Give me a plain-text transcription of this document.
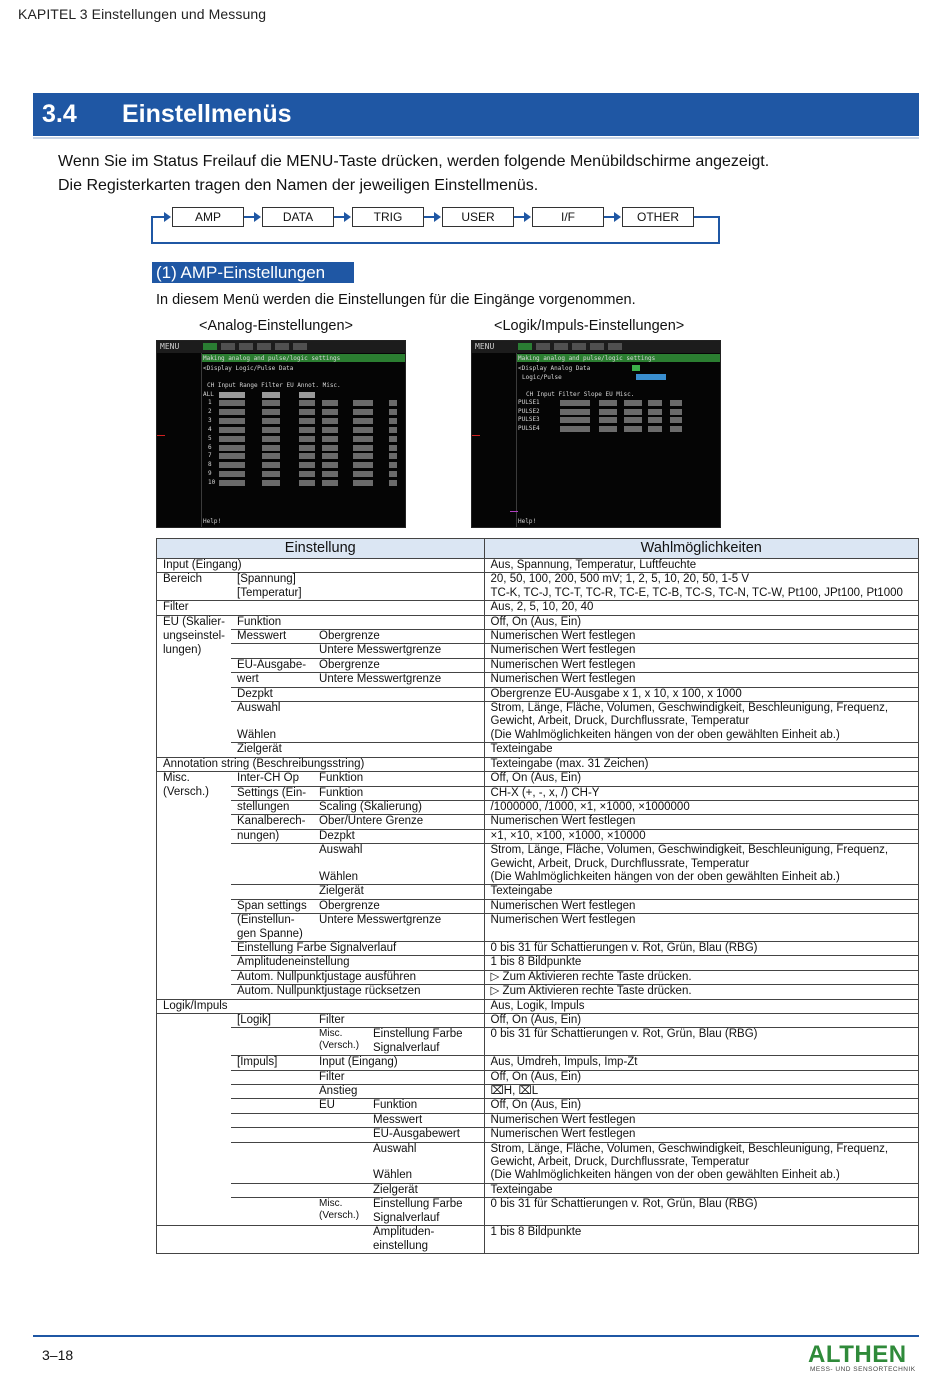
KAPITEL 3 Einstellungen und Messung
3.4 Einstellmenüs
Wenn Sie im Status Freilauf die MENU-Taste drücken, werden folgende Menübildschirme angezeigt.
Die Registerkarten tragen den Namen der jeweiligen Einstellmenüs.
AMP	DATA	TRIG	USER	I/F	OTHER
(1) AMP-Einstellungen
In diesem Menü werden die Einstellungen für die Eingänge vorgenommen.
<Analog-Einstellungen>	<Logik/Impuls-Einstellungen>
MENU
Making analog and pulse/logic settings
<Display Logic/Pulse Data
CH Input Range Filter EU Annot. Misc.
ALL
1
2
3
4
5
6
7
8
9
10
Help!
MENU
Making analog and pulse/logic settings
<Display Analog Data
Logic/Pulse
CH Input Filter Slope EU Misc.
PULSE1
PULSE2
PULSE3
PULSE4
Help!
Einstellung				Wahlmöglichkeiten
Input (Eingang)				Aus, Spannung, Temperatur, Luftfeuchte
Bereich	[Spannung]			20, 50, 100, 200, 500 mV; 1, 2, 5, 10, 20, 50, 1-5 V
	[Temperatur]			TC-K, TC-J, TC-T, TC-R, TC-E, TC-B, TC-S, TC-N, TC-W, Pt100, JPt100, Pt1000
Filter				Aus, 2, 5, 10, 20, 40
EU (Skalier-	Funktion			Off, On (Aus, Ein)
ungseinstel-	Messwert	Obergrenze		Numerischen Wert festlegen
lungen)		Untere Messwertgrenze		Numerischen Wert festlegen
	EU-Ausgabe-	Obergrenze		Numerischen Wert festlegen
	wert	Untere Messwertgrenze		Numerischen Wert festlegen
	Dezpkt			Obergrenze EU-Ausgabe x 1, x 10, x 100, x 1000
	Auswahl			Strom, Länge, Fläche, Volumen, Geschwindigkeit, Beschleunigung, Frequenz, Gewicht, Arbeit, Druck, Durchflussrate, Temperatur
	Wählen			(Die Wahlmöglichkeiten hängen von der oben gewählten Einheit ab.)
	Zielgerät			Texteingabe
Annotation string (Beschreibungsstring)				Texteingabe (max. 31 Zeichen)
Misc.	Inter-CH Op	Funktion		Off, On (Aus, Ein)
(Versch.)	Settings (Ein-	Funktion		CH-X (+, -, x, /) CH-Y
	stellungen	Scaling (Skalierung)		/1000000, /1000, ×1, ×1000, ×1000000
	Kanalberech-	Ober/Untere Grenze		Numerischen Wert festlegen
	nungen)	Dezpkt		×1, ×10, ×100, ×1000, ×10000
		Auswahl		Strom, Länge, Fläche, Volumen, Geschwindigkeit, Beschleunigung, Frequenz, Gewicht, Arbeit, Druck, Durchflussrate, Temperatur
		Wählen		(Die Wahlmöglichkeiten hängen von der oben gewählten Einheit ab.)
		Zielgerät		Texteingabe
	Span settings	Obergrenze		Numerischen Wert festlegen
	(Einstellun-gen Spanne)	Untere Messwertgrenze		Numerischen Wert festlegen
	Einstellung Farbe Signalverlauf			0 bis 31 für Schattierungen v. Rot, Grün, Blau (RBG)
	Amplitudeneinstellung			1 bis 8 Bildpunkte
	Autom. Nullpunktjustage ausführen			▷ Zum Aktivieren rechte Taste drücken.
	Autom. Nullpunktjustage rücksetzen			▷ Zum Aktivieren rechte Taste drücken.
Logik/Impuls				Aus, Logik, Impuls
	[Logik]	Filter		Off, On (Aus, Ein)
		Misc. (Versch.)	Einstellung Farbe Signalverlauf	0 bis 31 für Schattierungen v. Rot, Grün, Blau (RBG)
	[Impuls]	Input (Eingang)		Aus, Umdreh, Impuls, Imp-Zt
		Filter		Off, On (Aus, Ein)
		Anstieg		⌧H, ⌧L
		EU	Funktion	Off, On (Aus, Ein)
			Messwert	Numerischen Wert festlegen
			EU-Ausgabewert	Numerischen Wert festlegen
			Auswahl	Strom, Länge, Fläche, Volumen, Geschwindigkeit, Beschleunigung, Frequenz, Gewicht, Arbeit, Druck, Durchflussrate, Temperatur
			Wählen	(Die Wahlmöglichkeiten hängen von der oben gewählten Einheit ab.)
			Zielgerät	Texteingabe
		Misc. (Versch.)	Einstellung Farbe Signalverlauf	0 bis 31 für Schattierungen v. Rot, Grün, Blau (RBG)
			Amplituden-einstellung	1 bis 8 Bildpunkte
3–18	ALTHEN
MESS- UND SENSORTECHNIK
